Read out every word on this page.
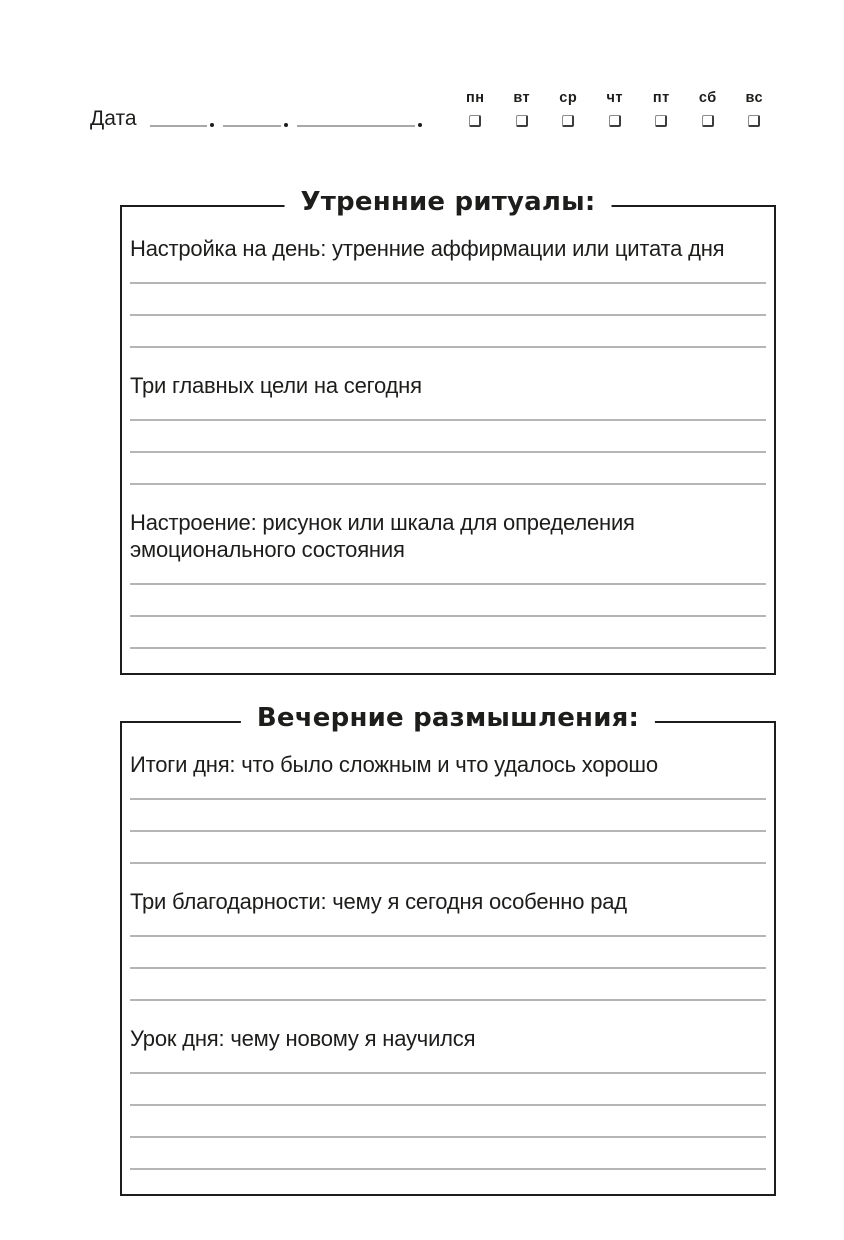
Дата
пн вт ср чт пт сб вс
Утренние ритуалы:
Настройка на день: утренние аффирмации или цитата дня
Три главных цели на сегодня
Настроение: рисунок или шкала для определения эмоционального состояния
Вечерние размышления:
Итоги дня: что было сложным и что удалось хорошо
Три благодарности: чему я сегодня особенно рад
Урок дня: чему новому я научился
